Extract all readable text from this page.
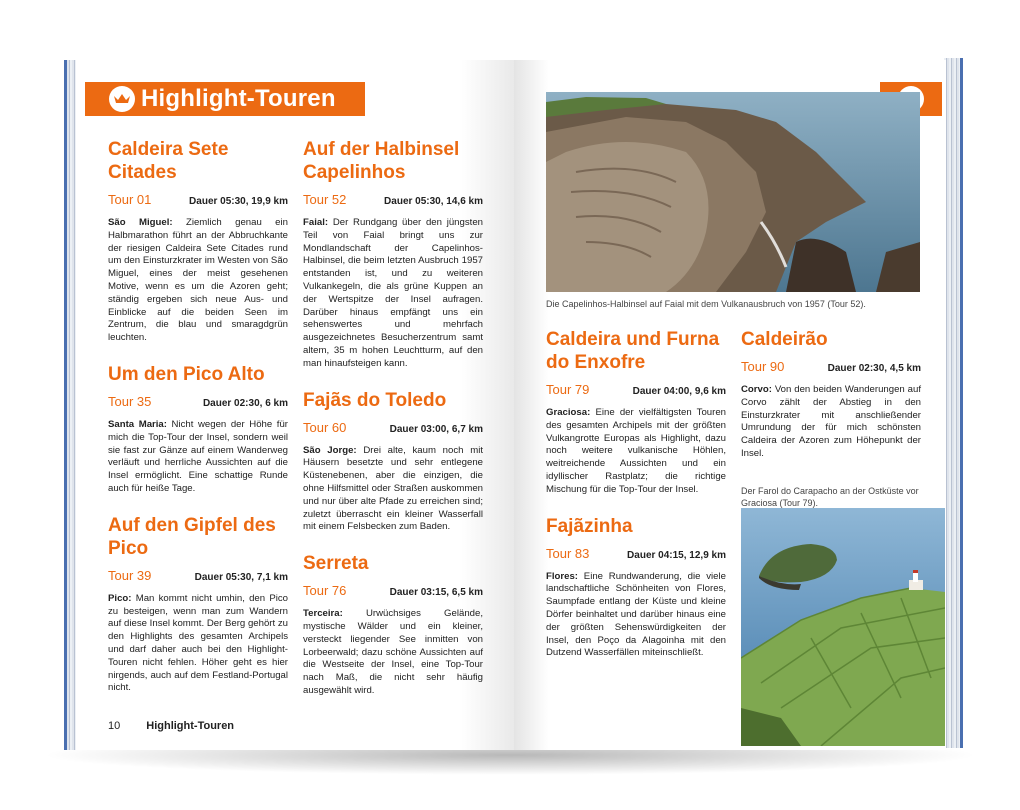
Highlight-Touren
Caldeira Sete Citades
Tour 01	Dauer 05:30, 19,9 km

São Miguel: Ziemlich genau ein Halbmarathon führt an der Abbruchkante der riesigen Caldeira Sete Citades rund um den Einsturzkrater im Westen von São Miguel, eines der meist gesehenen Motive, wenn es um die Azoren geht; ständig ergeben sich neue Aus- und Einblicke auf die beiden Seen im Zentrum, die blau und smaragdgrün leuchten.

Um den Pico Alto
Tour 35	Dauer 02:30, 6 km

Santa Maria: Nicht wegen der Höhe für mich die Top-Tour der Insel, sondern weil sie fast zur Gänze auf einem Wanderweg verläuft und herrliche Aussichten auf die Insel ermöglicht. Eine schattige Runde auch für heiße Tage.

Auf den Gipfel des Pico
Tour 39	Dauer 05:30, 7,1 km

Pico: Man kommt nicht umhin, den Pico zu besteigen, wenn man zum Wandern auf diese Insel kommt. Der Berg gehört zu den Highlights des gesamten Archipels und darf daher auch bei den Highlight-Touren nicht fehlen. Höher geht es hier nirgends, auch auf dem Festland-Portugal nicht.

Auf der Halbinsel Capelinhos
Tour 52	Dauer 05:30, 14,6 km

Faial: Der Rundgang über den jüngsten Teil von Faial bringt uns zur Mondlandschaft der Capelinhos-Halbinsel, die beim letzten Ausbruch 1957 entstanden ist, und zu weiteren Vulkankegeln, die als grüne Kuppen an der Wertspitze der Insel aufragen. Darüber hinaus empfängt uns ein sehenswertes und mehrfach ausgezeichnetes Besucherzentrum samt altem, 35 m hohen Leuchtturm, auf den man hinaufsteigen kann.

Fajãs do Toledo
Tour 60	Dauer 03:00, 6,7 km

São Jorge: Drei alte, kaum noch mit Häusern besetzte und sehr entlegene Küstenebenen, aber die einzigen, die ohne Hilfsmittel oder Straßen auskommen und nur über alte Pfade zu erreichen sind; zuletzt überrascht ein kleiner Wasserfall mit einem Felsbecken zum Baden.

Serreta
Tour 76	Dauer 03:15, 6,5 km

Terceira: Urwüchsiges Gelände, mystische Wälder und ein kleiner, versteckt liegender See inmitten von Lorbeerwald; dazu schöne Aussichten auf die Westseite der Insel, eine Top-Tour nach Maß, die nicht sehr häufig ausgewählt wird.

10 Highlight-Touren
Die Capelinhos-Halbinsel auf Faial mit dem Vulkanausbruch von 1957 (Tour 52).
Caldeira und Furna do Enxofre
Tour 79	Dauer 04:00, 9,6 km

Graciosa: Eine der vielfältigsten Touren des gesamten Archipels mit der größten Vulkangrotte Europas als Highlight, dazu noch weitere vulkanische Höhlen, weitreichende Aussichten und ein idyllischer Rastplatz; die richtige Mischung für die Top-Tour der Insel.

Fajãzinha
Tour 83	Dauer 04:15, 12,9 km

Flores: Eine Rundwanderung, die viele landschaftliche Schönheiten von Flores, Saumpfade entlang der Küste und kleine Dörfer beinhaltet und darüber hinaus eine der größten Sehenswürdigkeiten der Insel, den Poço da Alagoinha mit den Dutzend Wasserfällen miteinschließt.

Caldeirão
Tour 90	Dauer 02:30, 4,5 km

Corvo: Von den beiden Wanderungen auf Corvo zählt der Abstieg in den Einsturzkrater mit anschließender Umrundung der für mich schönsten Caldeira der Azoren zum Höhepunkt der Insel.

Der Farol do Carapacho an der Ostküste vor Graciosa (Tour 79).
